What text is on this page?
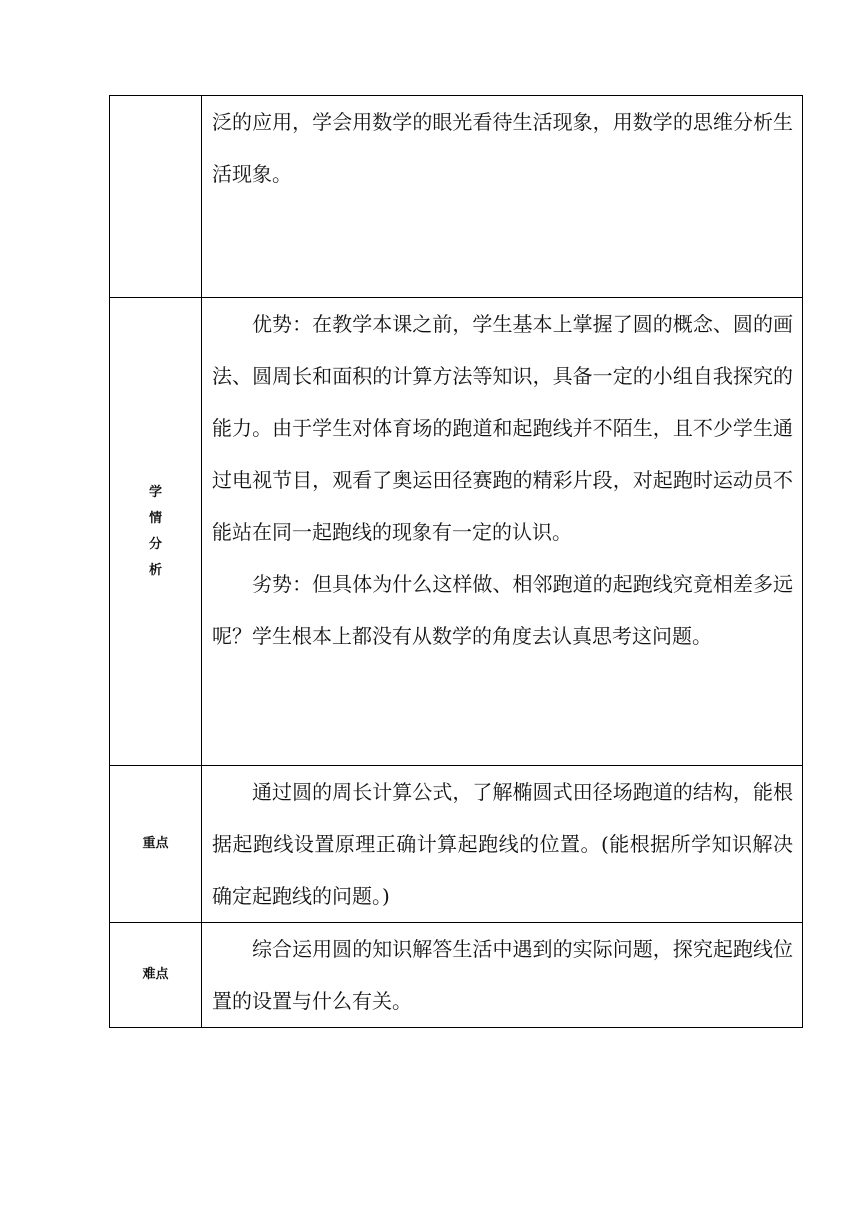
	泛的应用，学会用数学的眼光看待生活现象，用数学的思维分析生活现象。

学情分析	优势：在教学本课之前，学生基本上掌握了圆的概念、圆的画法、圆周长和面积的计算方法等知识，具备一定的小组自我探究的能力。由于学生对体育场的跑道和起跑线并不陌生，且不少学生通过电视节目，观看了奥运田径赛跑的精彩片段，对起跑时运动员不能站在同一起跑线的现象有一定的认识。

劣势：但具体为什么这样做、相邻跑道的起跑线究竟相差多远呢？学生根本上都没有从数学的角度去认真思考这问题。

重点	通过圆的周长计算公式，了解椭圆式田径场跑道的结构，能根据起跑线设置原理正确计算起跑线的位置。(能根据所学知识解决确定起跑线的问题。)

难点	综合运用圆的知识解答生活中遇到的实际问题，探究起跑线位置的设置与什么有关。
